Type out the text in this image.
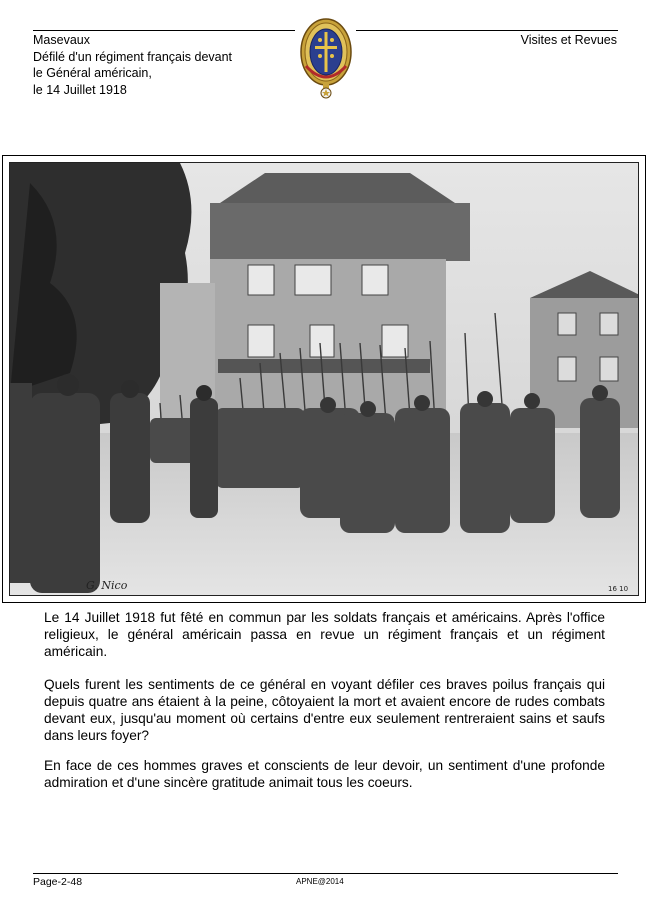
Masevaux
Défilé d'un régiment français devant
le Général américain,
le 14 Juillet 1918
Visites et Revues
G. Nico	16 10
Le 14 Juillet 1918 fut fêté en commun par les soldats français et américains. Après l'office religieux, le général américain passa en revue un régiment français et un régiment américain.
Quels furent les sentiments de ce général en voyant défiler ces braves poilus français qui depuis quatre ans étaient à la peine, côtoyaient la mort et avaient encore de rudes combats devant eux, jusqu'au moment où certains d'entre eux seulement rentreraient sains et saufs dans leurs foyer?
En face de ces hommes graves et conscients de leur devoir, un sentiment d'une profonde admiration et d'une sincère gratitude animait tous les coeurs.
Page-2-48	APNE@2014
